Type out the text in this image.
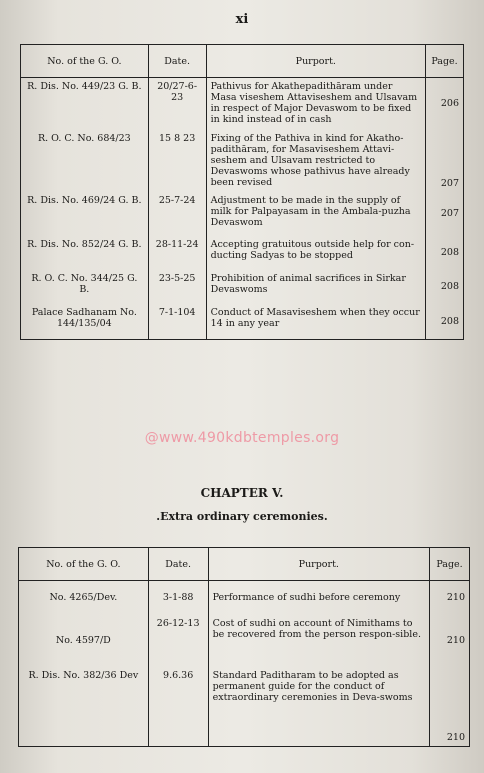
xi
No. of the G. O.	Date.	Purport.	Page.
R. Dis. No. 449/23 G. B.	20/27-6-23	Pathivus for Akathepadithāram under Masa viseshem Attaviseshem and Ulsavam in respect of Major Devaswom to be fixed in kind instead of in cash	206
R. O. C. No. 684/23	15 8 23	Fixing of the Pathiva in kind for Akatho-padithāram, for Masaviseshem Attavi-seshem and Ulsavam restricted to Devaswoms whose pathivus have already been revised	207
R. Dis. No. 469/24 G. B.	25-7-24	Adjustment to be made in the supply of milk for Palpayasam in the Ambala-puzha Devaswom	207
R. Dis. No. 852/24 G. B.	28-11-24	Accepting gratuitous outside help for con-ducting Sadyas to be stopped	208
R. O. C. No. 344/25 G. B.	23-5-25	Prohibition of animal sacrifices in Sirkar Devaswoms	208
Palace Sadhanam No. 144/135/04	7-1-104	Conduct of Masaviseshem when they occur 14 in any year	208
@www.490kdbtemples.org
CHAPTER V.
.Extra ordinary ceremonies.
No. of the G. O.	Date.	Purport.	Page.
No. 4265/Dev.	3-1-88	Performance of sudhi before ceremony	210
No. 4597/D	26-12-13	Cost of sudhi on account of Nimithams to be recovered from the person respon-sible.	210
R. Dis. No. 382/36 Dev	9.6.36	Standard Paditharam to be adopted as permanent guide for the conduct of extraordinary ceremonies in Deva-swoms	210
